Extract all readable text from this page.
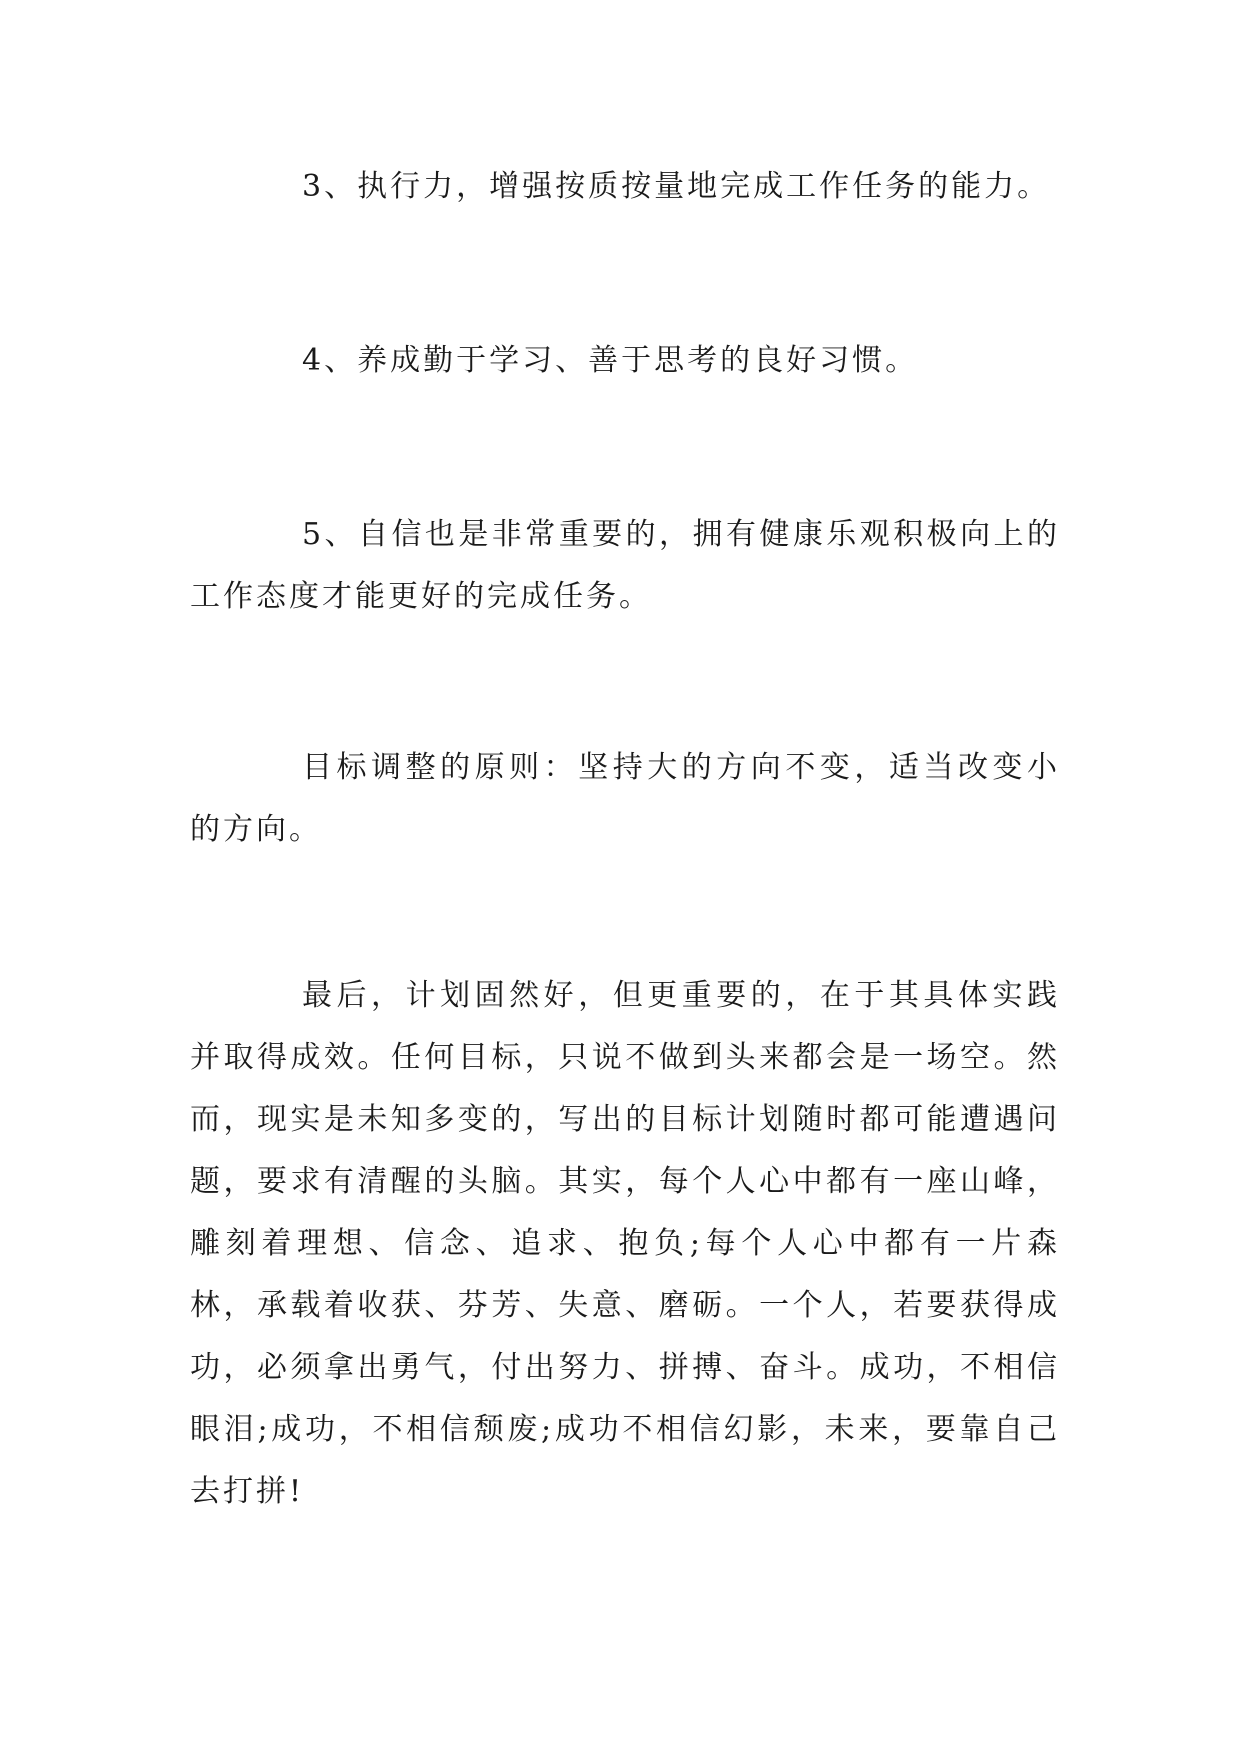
3、执行力，增强按质按量地完成工作任务的能力。

4、养成勤于学习、善于思考的良好习惯。

5、自信也是非常重要的，拥有健康乐观积极向上的工作态度才能更好的完成任务。

目标调整的原则：坚持大的方向不变，适当改变小的方向。

最后，计划固然好，但更重要的，在于其具体实践并取得成效。任何目标，只说不做到头来都会是一场空。然而，现实是未知多变的，写出的目标计划随时都可能遭遇问题，要求有清醒的头脑。其实，每个人心中都有一座山峰，雕刻着理想、信念、追求、抱负;每个人心中都有一片森林，承载着收获、芬芳、失意、磨砺。一个人，若要获得成功，必须拿出勇气，付出努力、拼搏、奋斗。成功，不相信眼泪;成功，不相信颓废;成功不相信幻影，未来，要靠自己去打拼!
